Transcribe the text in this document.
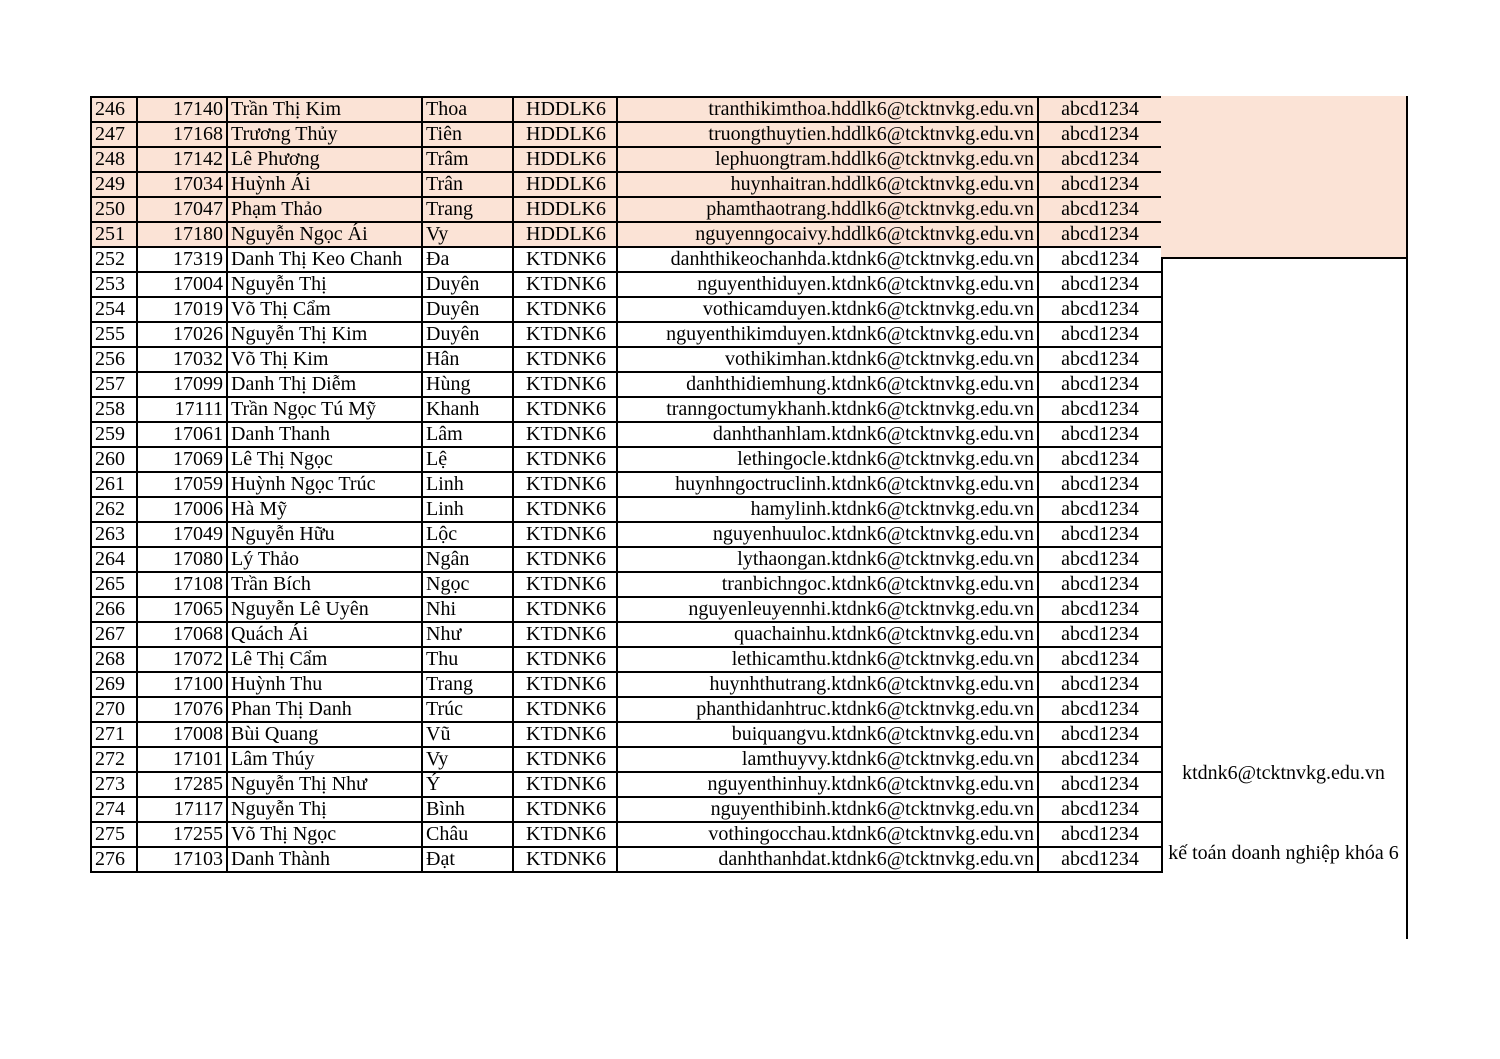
246	17140	Trần Thị Kim	Thoa	HDDLK6	tranthikimthoa.hddlk6@tcktnvkg.edu.vn	abcd1234
247	17168	Trương Thủy	Tiên	HDDLK6	truongthuytien.hddlk6@tcktnvkg.edu.vn	abcd1234
248	17142	Lê Phương	Trâm	HDDLK6	lephuongtram.hddlk6@tcktnvkg.edu.vn	abcd1234
249	17034	Huỳnh Ái	Trân	HDDLK6	huynhaitran.hddlk6@tcktnvkg.edu.vn	abcd1234
250	17047	Phạm Thảo	Trang	HDDLK6	phamthaotrang.hddlk6@tcktnvkg.edu.vn	abcd1234
251	17180	Nguyễn Ngọc Ái	Vy	HDDLK6	nguyenngocaivy.hddlk6@tcktnvkg.edu.vn	abcd1234
252	17319	Danh Thị Keo Chanh	Đa	KTDNK6	danhthikeochanhda.ktdnk6@tcktnvkg.edu.vn	abcd1234
253	17004	Nguyễn Thị	Duyên	KTDNK6	nguyenthiduyen.ktdnk6@tcktnvkg.edu.vn	abcd1234
254	17019	Võ Thị Cẩm	Duyên	KTDNK6	vothicamduyen.ktdnk6@tcktnvkg.edu.vn	abcd1234
255	17026	Nguyễn Thị Kim	Duyên	KTDNK6	nguyenthikimduyen.ktdnk6@tcktnvkg.edu.vn	abcd1234
256	17032	Võ Thị Kim	Hân	KTDNK6	vothikimhan.ktdnk6@tcktnvkg.edu.vn	abcd1234
257	17099	Danh Thị Diễm	Hùng	KTDNK6	danhthidiemhung.ktdnk6@tcktnvkg.edu.vn	abcd1234
258	17111	Trần Ngọc Tú Mỹ	Khanh	KTDNK6	tranngoctumykhanh.ktdnk6@tcktnvkg.edu.vn	abcd1234
259	17061	Danh Thanh	Lâm	KTDNK6	danhthanhlam.ktdnk6@tcktnvkg.edu.vn	abcd1234
260	17069	Lê Thị Ngọc	Lệ	KTDNK6	lethingocle.ktdnk6@tcktnvkg.edu.vn	abcd1234
261	17059	Huỳnh Ngọc Trúc	Linh	KTDNK6	huynhngoctruclinh.ktdnk6@tcktnvkg.edu.vn	abcd1234
262	17006	Hà Mỹ	Linh	KTDNK6	hamylinh.ktdnk6@tcktnvkg.edu.vn	abcd1234
263	17049	Nguyễn Hữu	Lộc	KTDNK6	nguyenhuuloc.ktdnk6@tcktnvkg.edu.vn	abcd1234
264	17080	Lý Thảo	Ngân	KTDNK6	lythaongan.ktdnk6@tcktnvkg.edu.vn	abcd1234
265	17108	Trần Bích	Ngọc	KTDNK6	tranbichngoc.ktdnk6@tcktnvkg.edu.vn	abcd1234
266	17065	Nguyễn Lê Uyên	Nhi	KTDNK6	nguyenleuyennhi.ktdnk6@tcktnvkg.edu.vn	abcd1234
267	17068	Quách Ái	Như	KTDNK6	quachainhu.ktdnk6@tcktnvkg.edu.vn	abcd1234
268	17072	Lê Thị Cẩm	Thu	KTDNK6	lethicamthu.ktdnk6@tcktnvkg.edu.vn	abcd1234
269	17100	Huỳnh Thu	Trang	KTDNK6	huynhthutrang.ktdnk6@tcktnvkg.edu.vn	abcd1234
270	17076	Phan Thị Danh	Trúc	KTDNK6	phanthidanhtruc.ktdnk6@tcktnvkg.edu.vn	abcd1234
271	17008	Bùi Quang	Vũ	KTDNK6	buiquangvu.ktdnk6@tcktnvkg.edu.vn	abcd1234
272	17101	Lâm Thúy	Vy	KTDNK6	lamthuyvy.ktdnk6@tcktnvkg.edu.vn	abcd1234
273	17285	Nguyễn Thị Như	Ý	KTDNK6	nguyenthinhuy.ktdnk6@tcktnvkg.edu.vn	abcd1234
274	17117	Nguyễn Thị	Bình	KTDNK6	nguyenthibinh.ktdnk6@tcktnvkg.edu.vn	abcd1234
275	17255	Võ Thị Ngọc	Châu	KTDNK6	vothingocchau.ktdnk6@tcktnvkg.edu.vn	abcd1234
276	17103	Danh Thành	Đạt	KTDNK6	danhthanhdat.ktdnk6@tcktnvkg.edu.vn	abcd1234
ktdnk6@tcktnvkg.edu.vn
kế toán doanh nghiệp khóa 6
